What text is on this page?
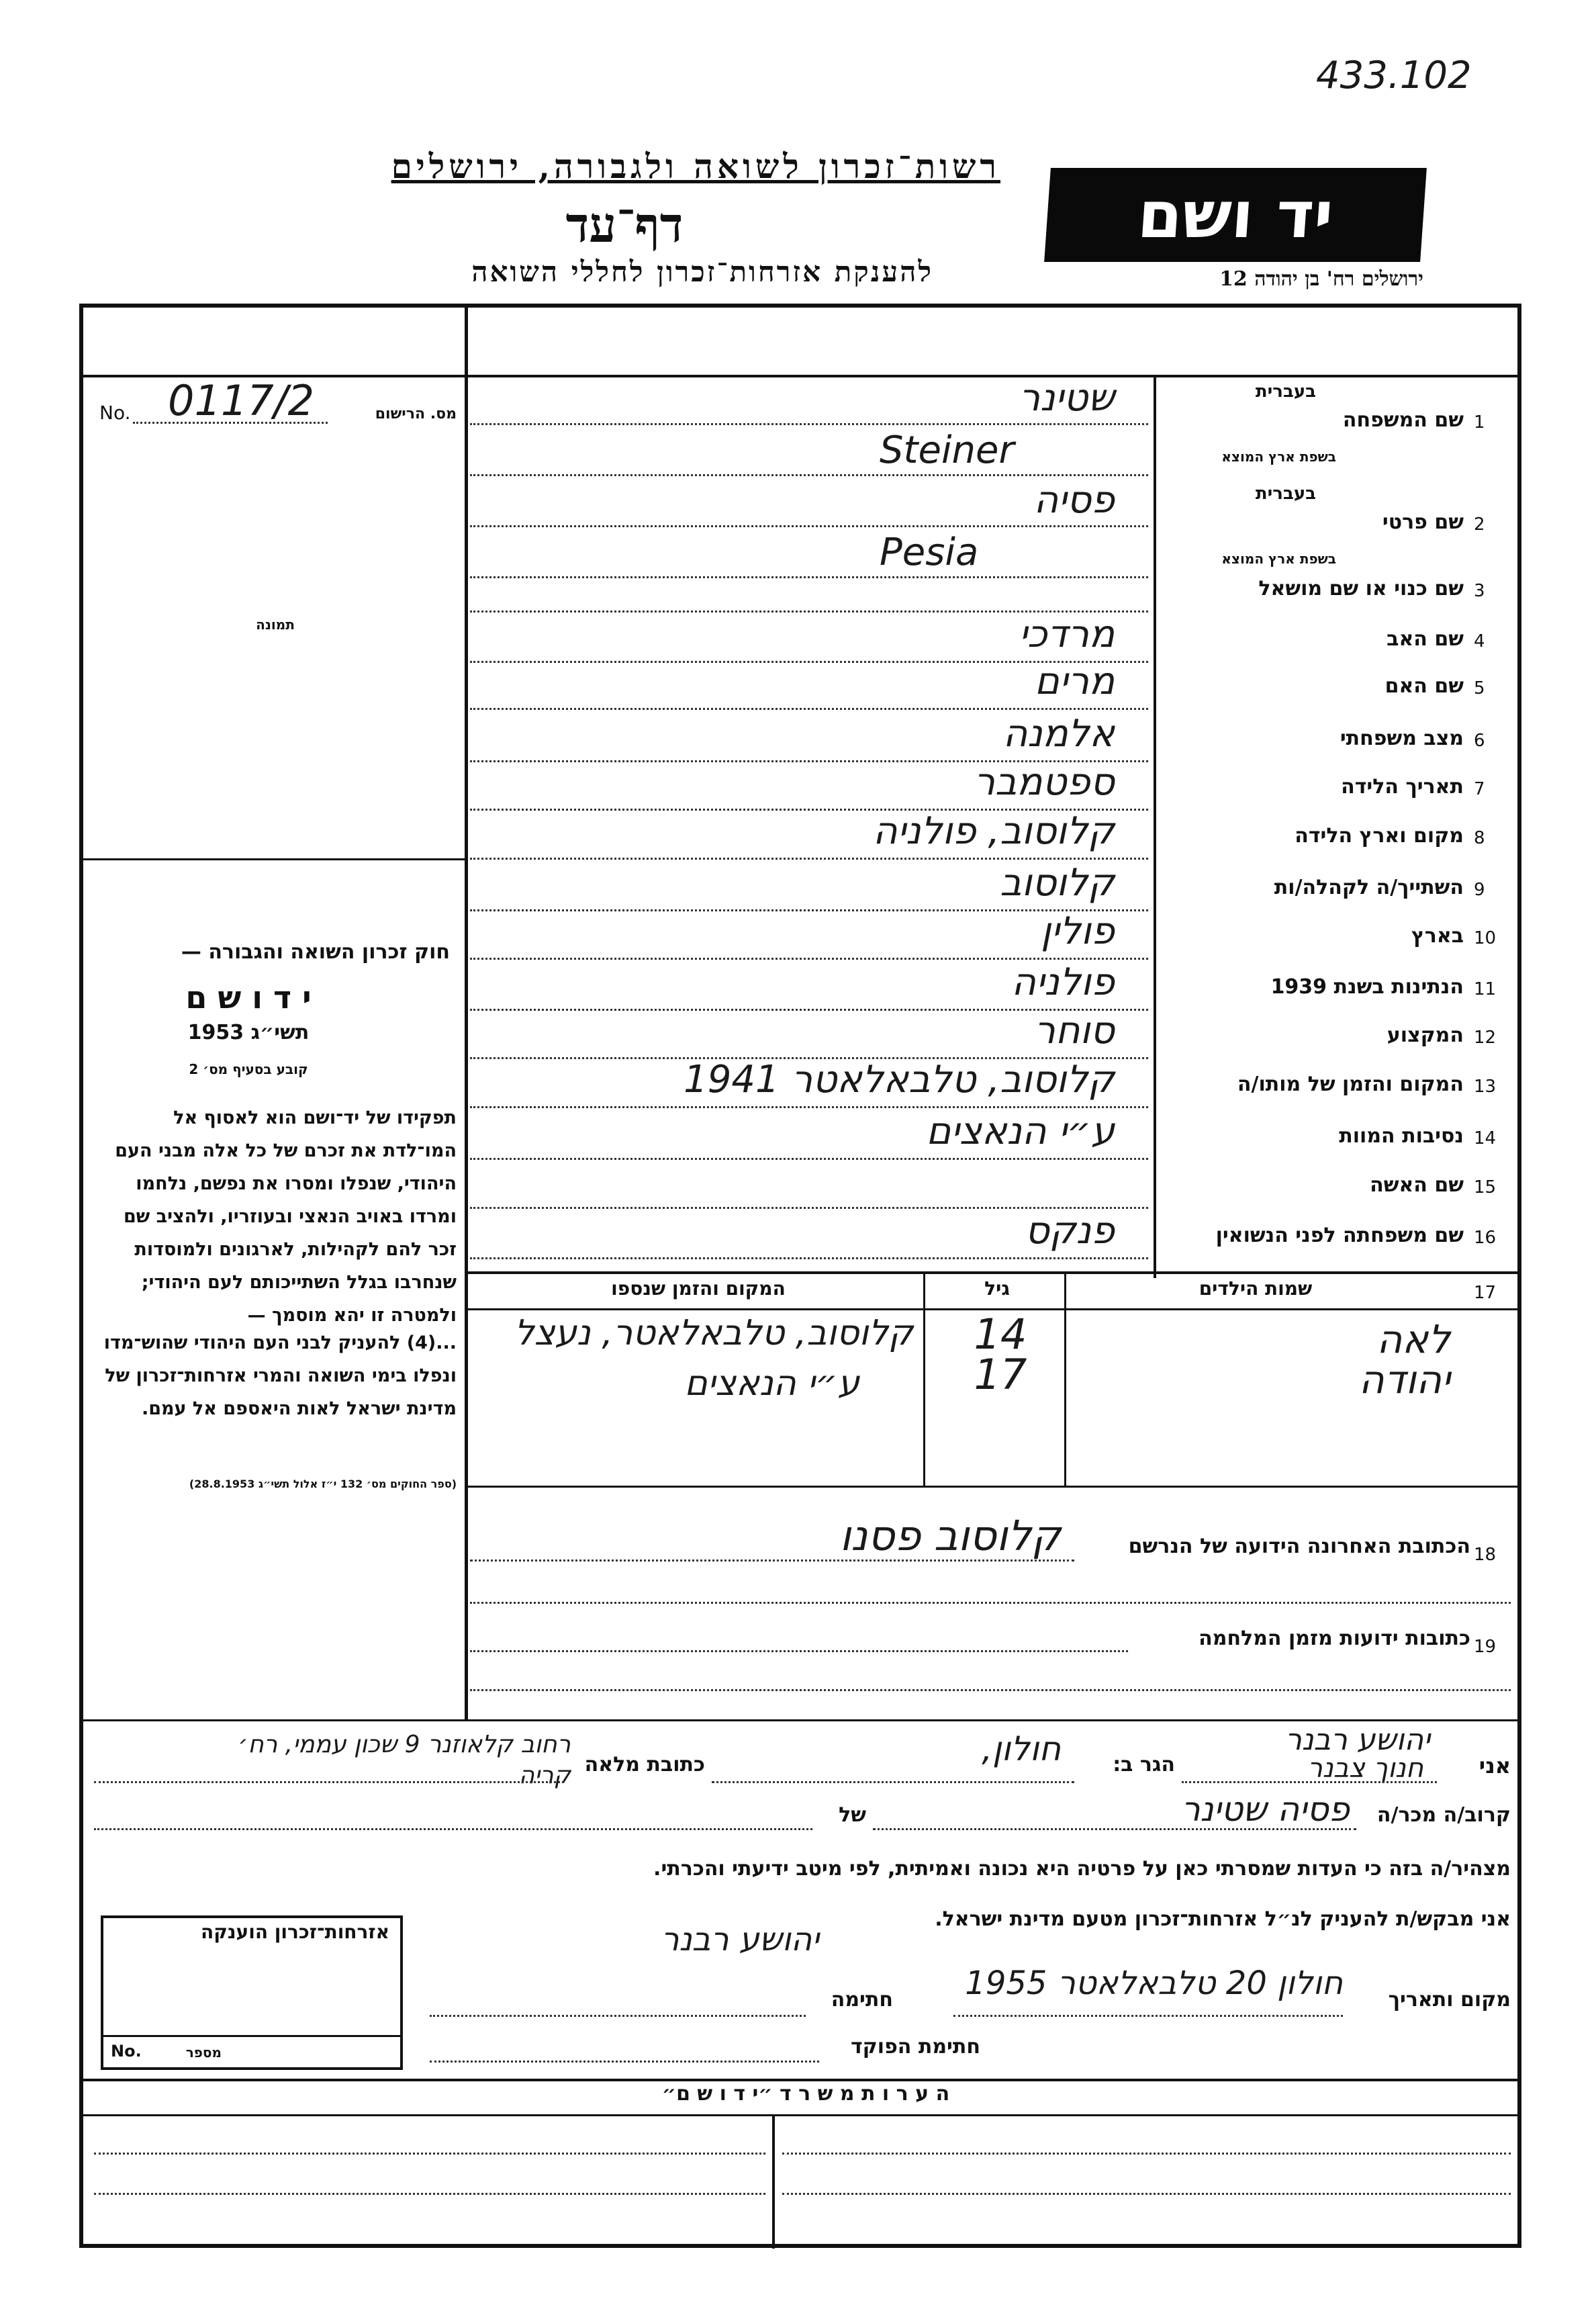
433.102
רשות־זכרון לשואה ולגבורה, ירושלים
דף־עד
להענקת אזרחות־זכרון לחללי השואה
יד ושם
ירושלים רח' בן יהודה 12
No. 0117/2	מס. הרישום
תמונה
חוק זכרון השואה והגבורה —
י ד ו ש ם
1953 תשי״ג
קובע בסעיף מס׳ 2
תפקידו של יד־ושם הוא לאסוף אל המו־לדת את זכרם של כל אלה מבני העם היהודי, שנפלו ומסרו את נפשם, נלחמו ומרדו באויב הנאצי ובעוזריו, ולהציב שם זכר להם לקהילות, לארגונים ולמוסדות שנחרבו בגלל השתייכותם לעם היהודי; ולמטרה זו יהא מוסמך —
...(4) להעניק לבני העם היהודי שהוש־מדו ונפלו בימי השואה והמרי אזרחות־זכרון של מדינת ישראל לאות היאספם אל עמם.
(ספר החוקים מס׳ 132 י״ז אלול תשי״ג 28.8.1953)
1
שם המשפחה
בעברית
בשפת ארץ המוצא
שטינר
Steiner
2
שם פרטי
בעברית
בשפת ארץ המוצא
פסיה
Pesia
3
שם כנוי או שם מושאל
4
שם האב
מרדכי
5
שם האם
מרים
6
מצב משפחתי
אלמנה
7
תאריך הלידה
ספטמבר
8
מקום וארץ הלידה
קלוסוב, פולניה
9
השתייך/ה לקהלה/ות
קלוסוב
10
בארץ
פולין
11
הנתינות בשנת 1939
פולניה
12
המקצוע
סוחר
13
המקום והזמן של מותו/ה
קלוסוב, טלבאלאטר 1941
14
נסיבות המוות
ע״י הנאצים
15
שם האשה
16
שם משפחתה לפני הנשואין
פנקס
17
שמות הילדים
גיל
המקום והזמן שנספו
לאה
14
קלוסוב, טלבאלאטר, נעצל
יהודה
17
ע״י הנאצים
18
הכתובת האחרונה הידועה של הנרשם
קלוסוב פסנו
19
כתובות ידועות מזמן המלחמה
אני
יהושע רבנר
חנוך צבנר
הגר ב:
חולון,
כתובת מלאה
רחוב קלאוזנר 9 שכון עממי, רח׳ קריה
קרוב/ה מכר/ה
פסיה שטינר
של
מצהיר/ה בזה כי העדות שמסרתי כאן על פרטיה היא נכונה ואמיתית, לפי מיטב ידיעתי והכרתי.
אני מבקש/ת להעניק לנ״ל אזרחות־זכרון מטעם מדינת ישראל.
מקום ותאריך
חולון 20 טלבאלאטר 1955
חתימה
יהושע רבנר
חתימת הפוקד
אזרחות־זכרון הוענקה
No.	מספר
ה ע ר ו ת מ ש ר ד ״י ד ו ש ם״
